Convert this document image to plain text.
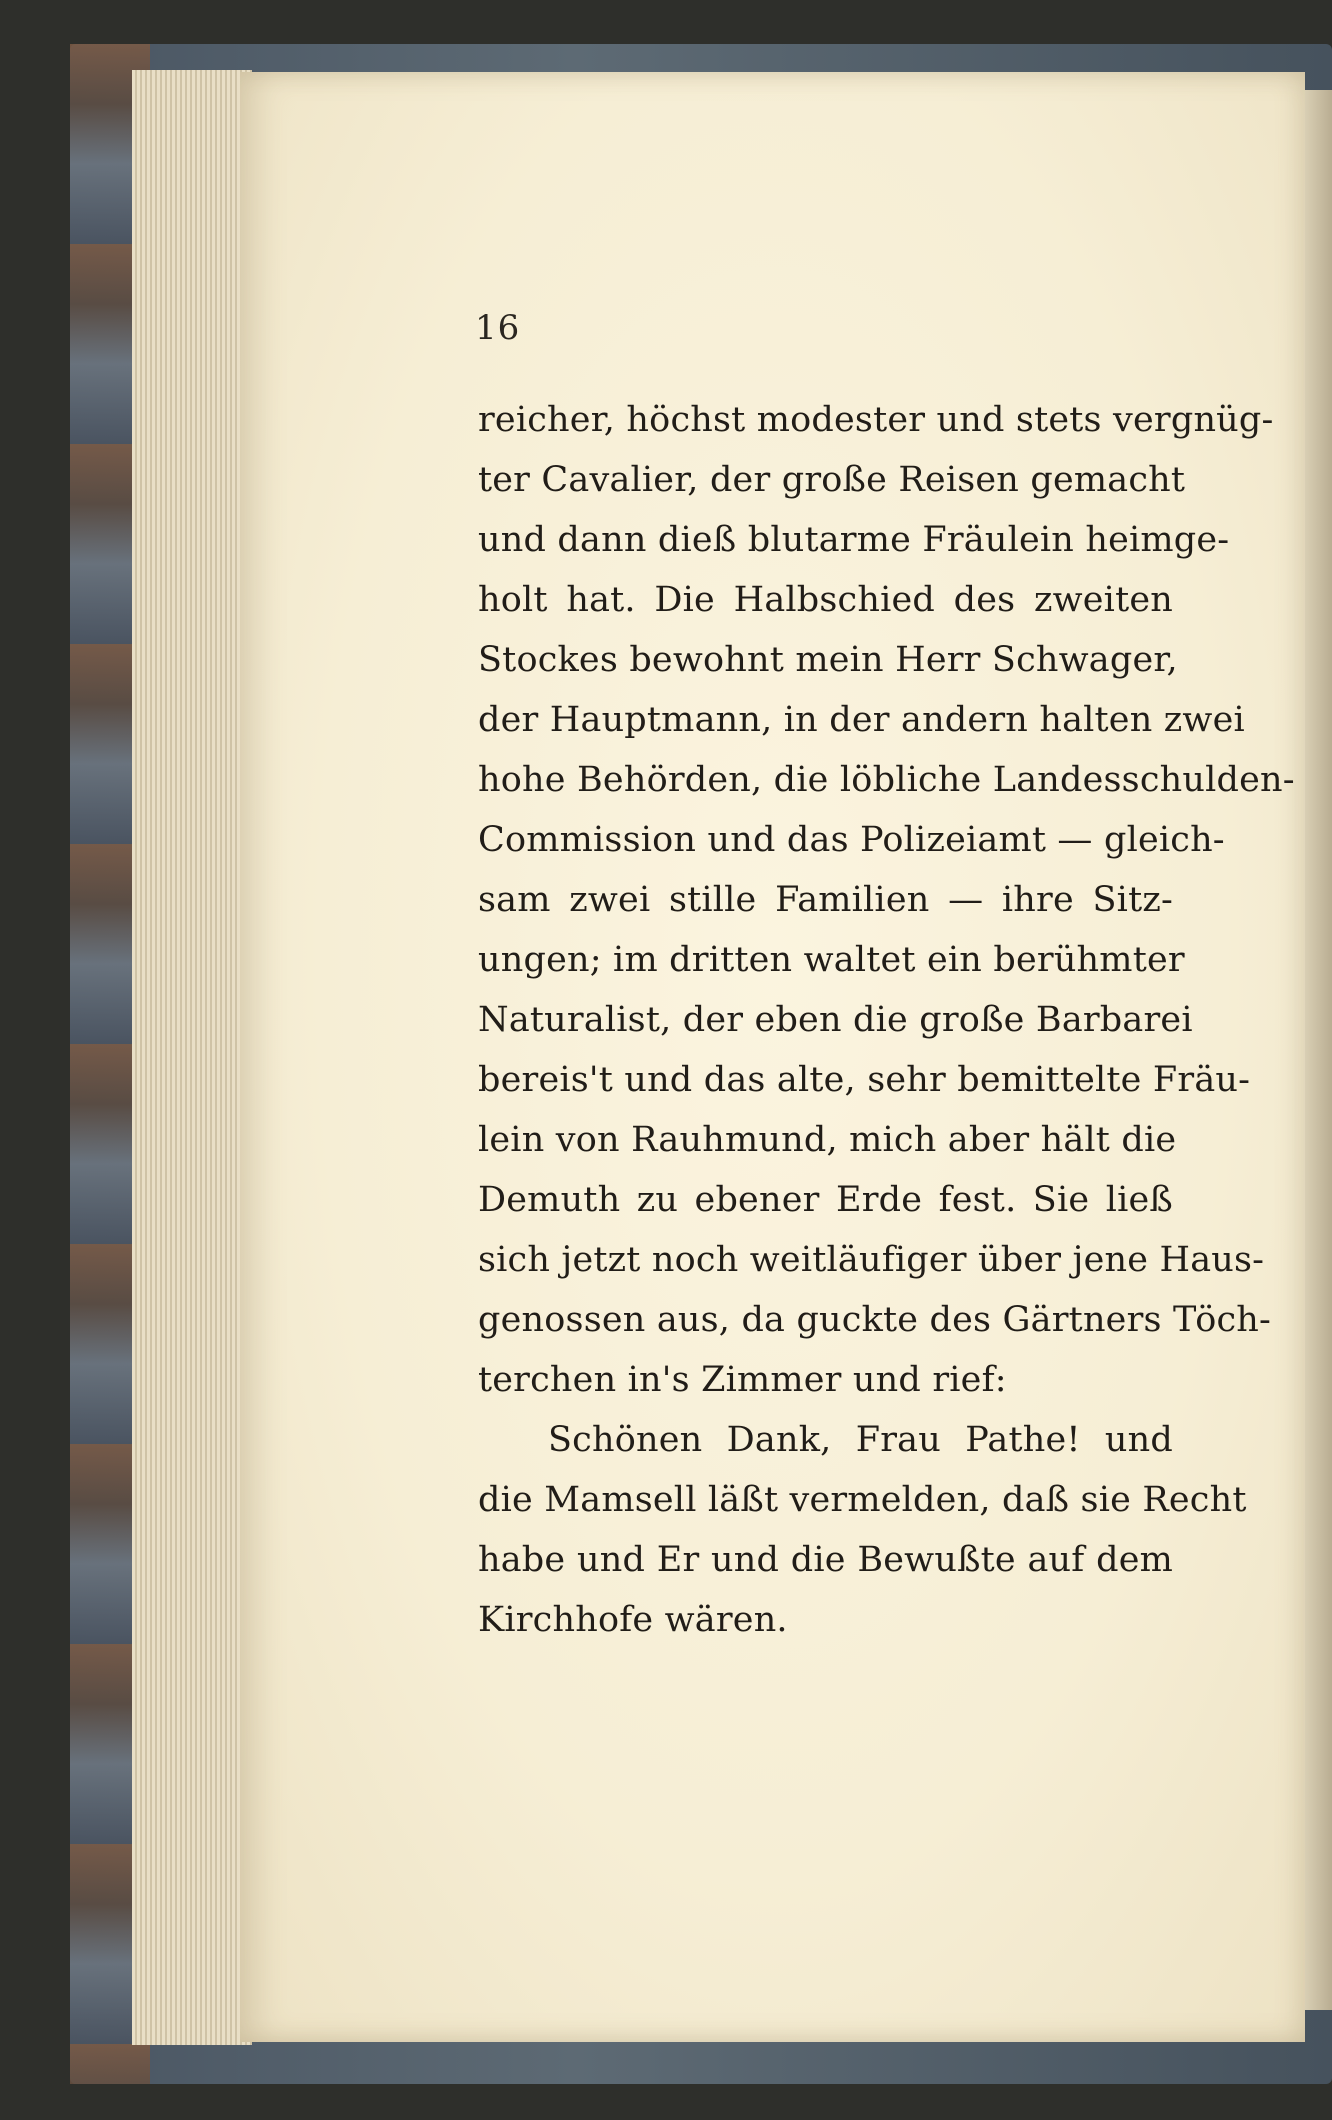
16
reicher, höchst modester und stets vergnüg-
ter Cavalier, der große Reisen gemacht
und dann dieß blutarme Fräulein heimge-
holt hat. Die Halbschied des zweiten
Stockes bewohnt mein Herr Schwager,
der Hauptmann, in der andern halten zwei
hohe Behörden, die löbliche Landesschulden-
Commission und das Polizeiamt — gleich-
sam zwei stille Familien — ihre Sitz-
ungen; im dritten waltet ein berühmter
Naturalist, der eben die große Barbarei
bereis't und das alte, sehr bemittelte Fräu-
lein von Rauhmund, mich aber hält die
Demuth zu ebener Erde fest. Sie ließ
sich jetzt noch weitläufiger über jene Haus-
genossen aus, da guckte des Gärtners Töch-
terchen in's Zimmer und rief:
Schönen Dank, Frau Pathe! und
die Mamsell läßt vermelden, daß sie Recht
habe und Er und die Bewußte auf dem
Kirchhofe wären.
